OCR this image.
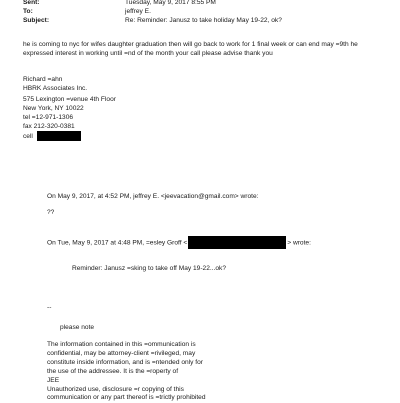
Sent:	Tuesday, May 9, 2017 8:55 PM
To:	jeffrey E.
Subject:	Re: Reminder: Janusz to take holiday May 19-22, ok?
he is coming to nyc for wifes daughter graduation then will go back to work for 1 final week or can end may =9th he
expressed interest in working until =nd of the month your call please advise thank you
Richard =ahn
HBRK Associates Inc.
575 Lexington =venue 4th Floor
New York, NY 10022
tel =12-971-1306
fax 212-320-0381
cell
On May 9, 2017, at 4:52 PM, jeffrey E. <jeevacation@gmail.com> wrote:
??
On Tue, May 9, 2017 at 4:48 PM, =esley Groff <	> wrote:
Reminder: Janusz =sking to take off May 19-22...ok?
--
please note
The information contained in this =ommunication is
confidential, may be attorney-client =rivileged, may
constitute inside information, and is =ntended only for
the use of the addressee. It is the =roperty of
JEE
Unauthorized use, disclosure =r copying of this
communication or any part thereof is =trictly prohibited
